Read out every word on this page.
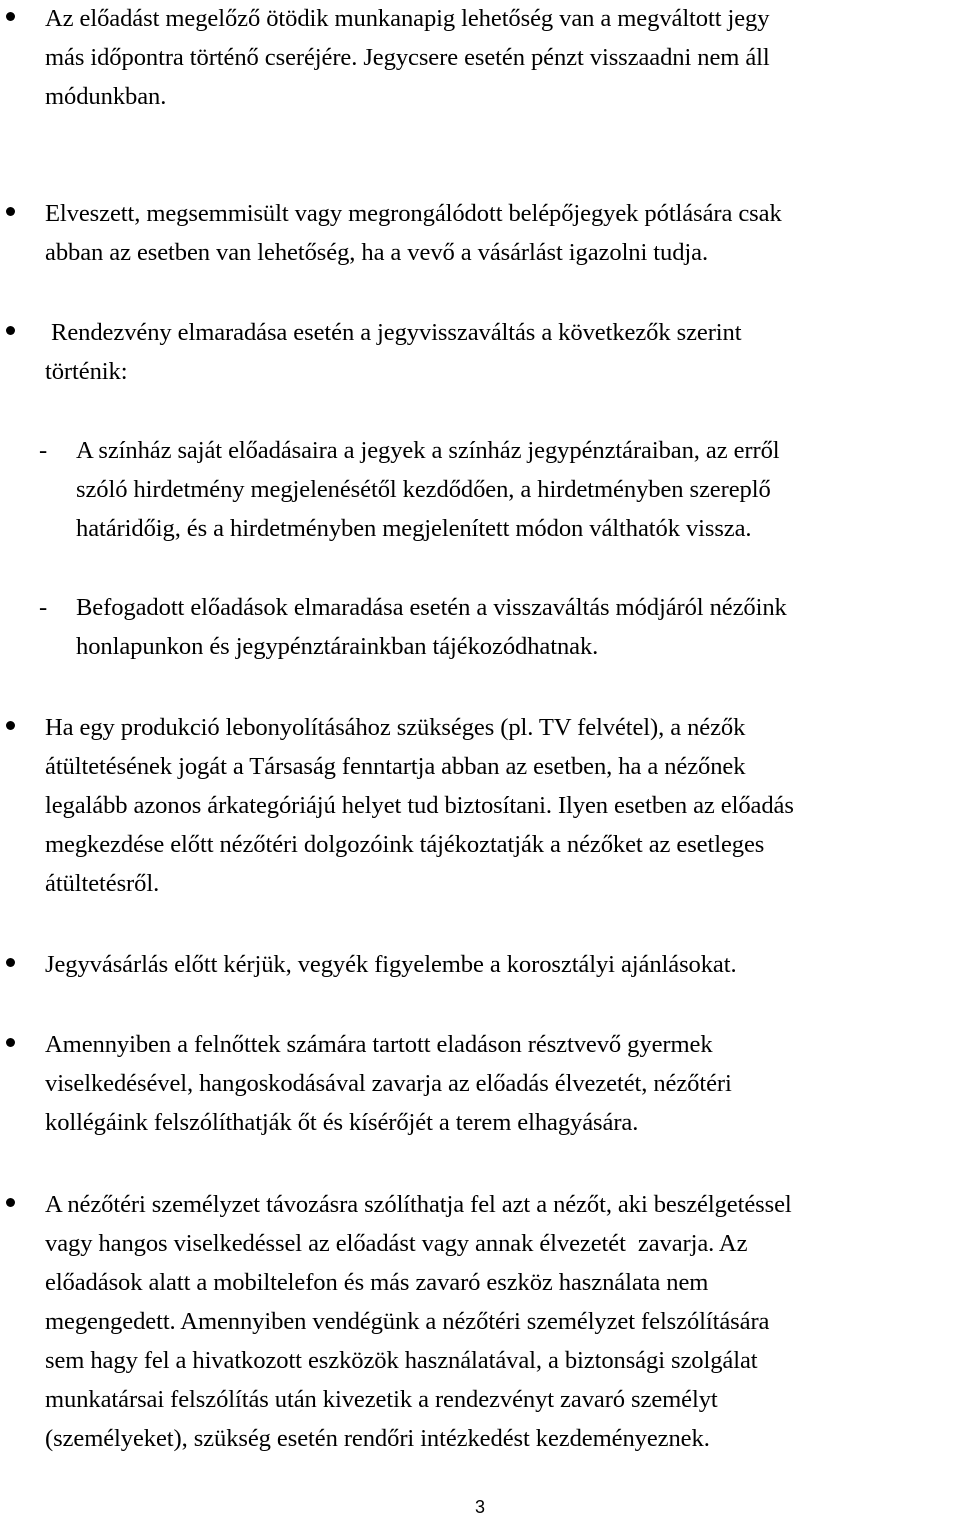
Az előadást megelőző ötödik munkanapig lehetőség van a megváltott jegy
más időpontra történő cseréjére. Jegycsere esetén pénzt visszaadni nem áll
módunkban.
Elveszett, megsemmisült vagy megrongálódott belépőjegyek pótlására csak
abban az esetben van lehetőség, ha a vevő a vásárlást igazolni tudja.
Rendezvény elmaradása esetén a jegyvisszaváltás a következők szerint
történik:
- A színház saját előadásaira a jegyek a színház jegypénztáraiban, az erről
szóló hirdetmény megjelenésétől kezdődően, a hirdetményben szereplő
határidőig, és a hirdetményben megjelenített módon válthatók vissza.
- Befogadott előadások elmaradása esetén a visszaváltás módjáról nézőink
honlapunkon és jegypénztárainkban tájékozódhatnak.
Ha egy produkció lebonyolításához szükséges (pl. TV felvétel), a nézők
átültetésének jogát a Társaság fenntartja abban az esetben, ha a nézőnek
legalább azonos árkategóriájú helyet tud biztosítani. Ilyen esetben az előadás
megkezdése előtt nézőtéri dolgozóink tájékoztatják a nézőket az esetleges
átültetésről.
Jegyvásárlás előtt kérjük, vegyék figyelembe a korosztályi ajánlásokat.
Amennyiben a felnőttek számára tartott eladáson résztvevő gyermek
viselkedésével, hangoskodásával zavarja az előadás élvezetét, nézőtéri
kollégáink felszólíthatják őt és kísérőjét a terem elhagyására.
A nézőtéri személyzet távozásra szólíthatja fel azt a nézőt, aki beszélgetéssel
vagy hangos viselkedéssel az előadást vagy annak élvezetét  zavarja. Az
előadások alatt a mobiltelefon és más zavaró eszköz használata nem
megengedett. Amennyiben vendégünk a nézőtéri személyzet felszólítására
sem hagy fel a hivatkozott eszközök használatával, a biztonsági szolgálat
munkatársai felszólítás után kivezetik a rendezvényt zavaró személyt
(személyeket), szükség esetén rendőri intézkedést kezdeményeznek.
3
